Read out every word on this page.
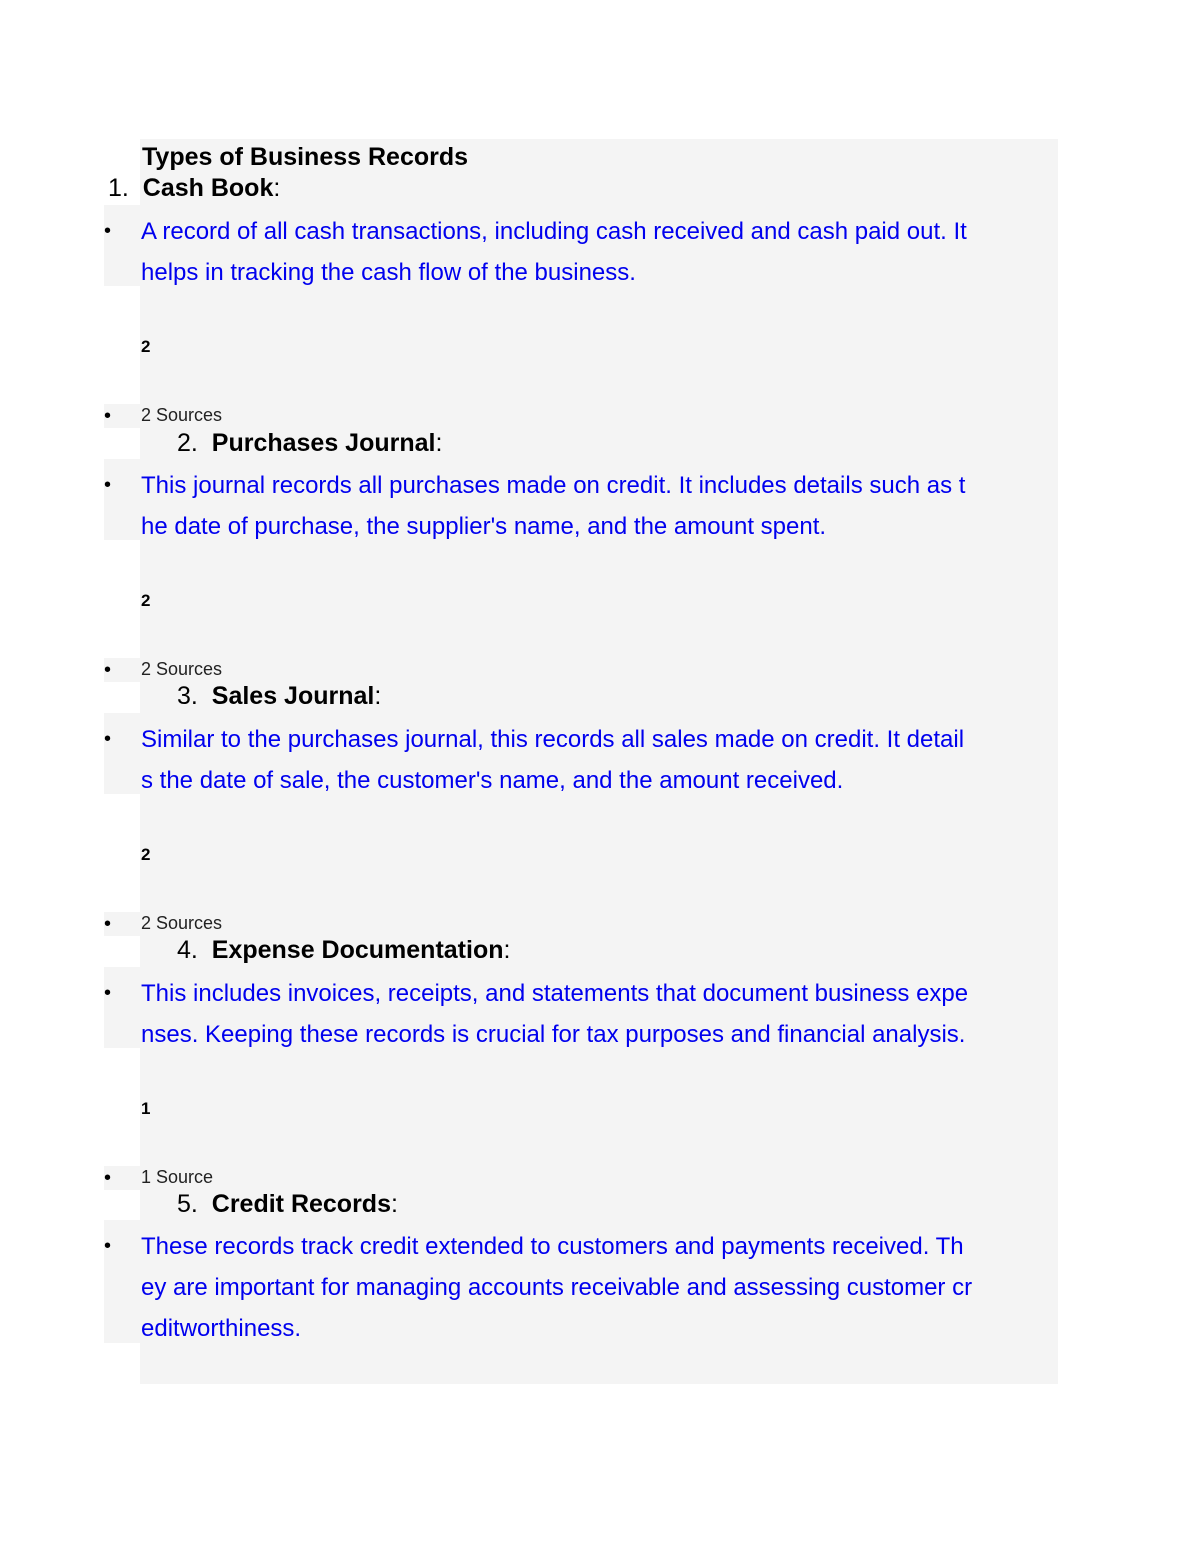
Types of Business Records
1. Cash Book:
• A record of all cash transactions, including cash received and cash paid out. It
helps in tracking the cash flow of the business.
2
• 2 Sources
2. Purchases Journal:
• This journal records all purchases made on credit. It includes details such as t
he date of purchase, the supplier's name, and the amount spent.
2
• 2 Sources
3. Sales Journal:
• Similar to the purchases journal, this records all sales made on credit. It detail
s the date of sale, the customer's name, and the amount received.
2
• 2 Sources
4. Expense Documentation:
• This includes invoices, receipts, and statements that document business expe
nses. Keeping these records is crucial for tax purposes and financial analysis.
1
• 1 Source
5. Credit Records:
• These records track credit extended to customers and payments received. Th
ey are important for managing accounts receivable and assessing customer cr
editworthiness.
